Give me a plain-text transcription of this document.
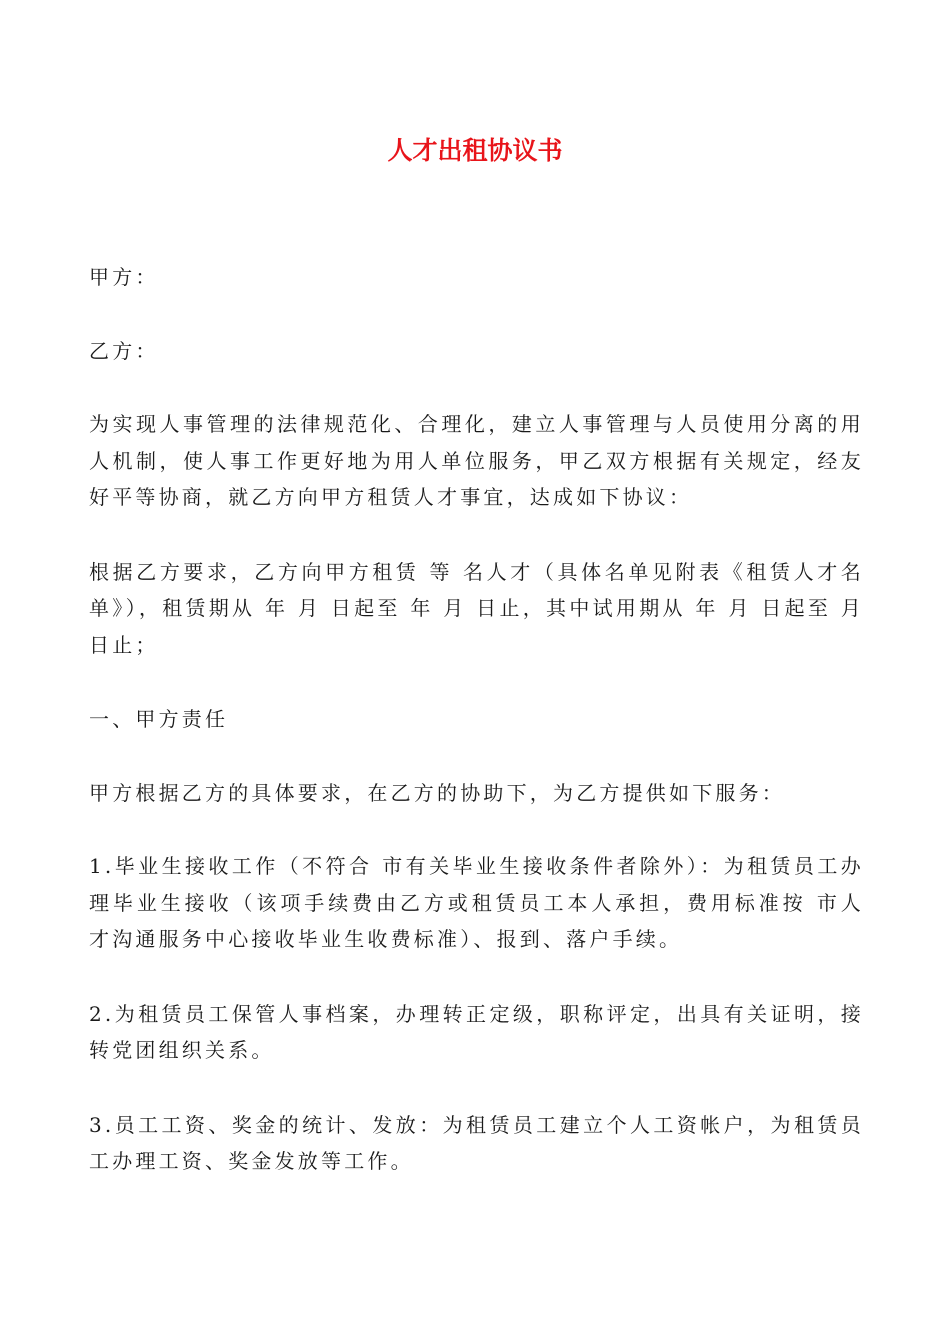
人才出租协议书

甲方：

乙方：

为实现人事管理的法律规范化、合理化，建立人事管理与人员使用分离的用人机制，使人事工作更好地为用人单位服务，甲乙双方根据有关规定，经友好平等协商，就乙方向甲方租赁人才事宜，达成如下协议：

根据乙方要求，乙方向甲方租赁 等 名人才（具体名单见附表《租赁人才名单》），租赁期从 年 月 日起至 年 月 日止，其中试用期从 年 月 日起至 月 日止；

一、甲方责任

甲方根据乙方的具体要求，在乙方的协助下，为乙方提供如下服务：

1.毕业生接收工作（不符合 市有关毕业生接收条件者除外）：为租赁员工办理毕业生接收（该项手续费由乙方或租赁员工本人承担，费用标准按 市人才沟通服务中心接收毕业生收费标准）、报到、落户手续。

2.为租赁员工保管人事档案，办理转正定级，职称评定，出具有关证明，接转党团组织关系。

3.员工工资、奖金的统计、发放：为租赁员工建立个人工资帐户，为租赁员工办理工资、奖金发放等工作。
